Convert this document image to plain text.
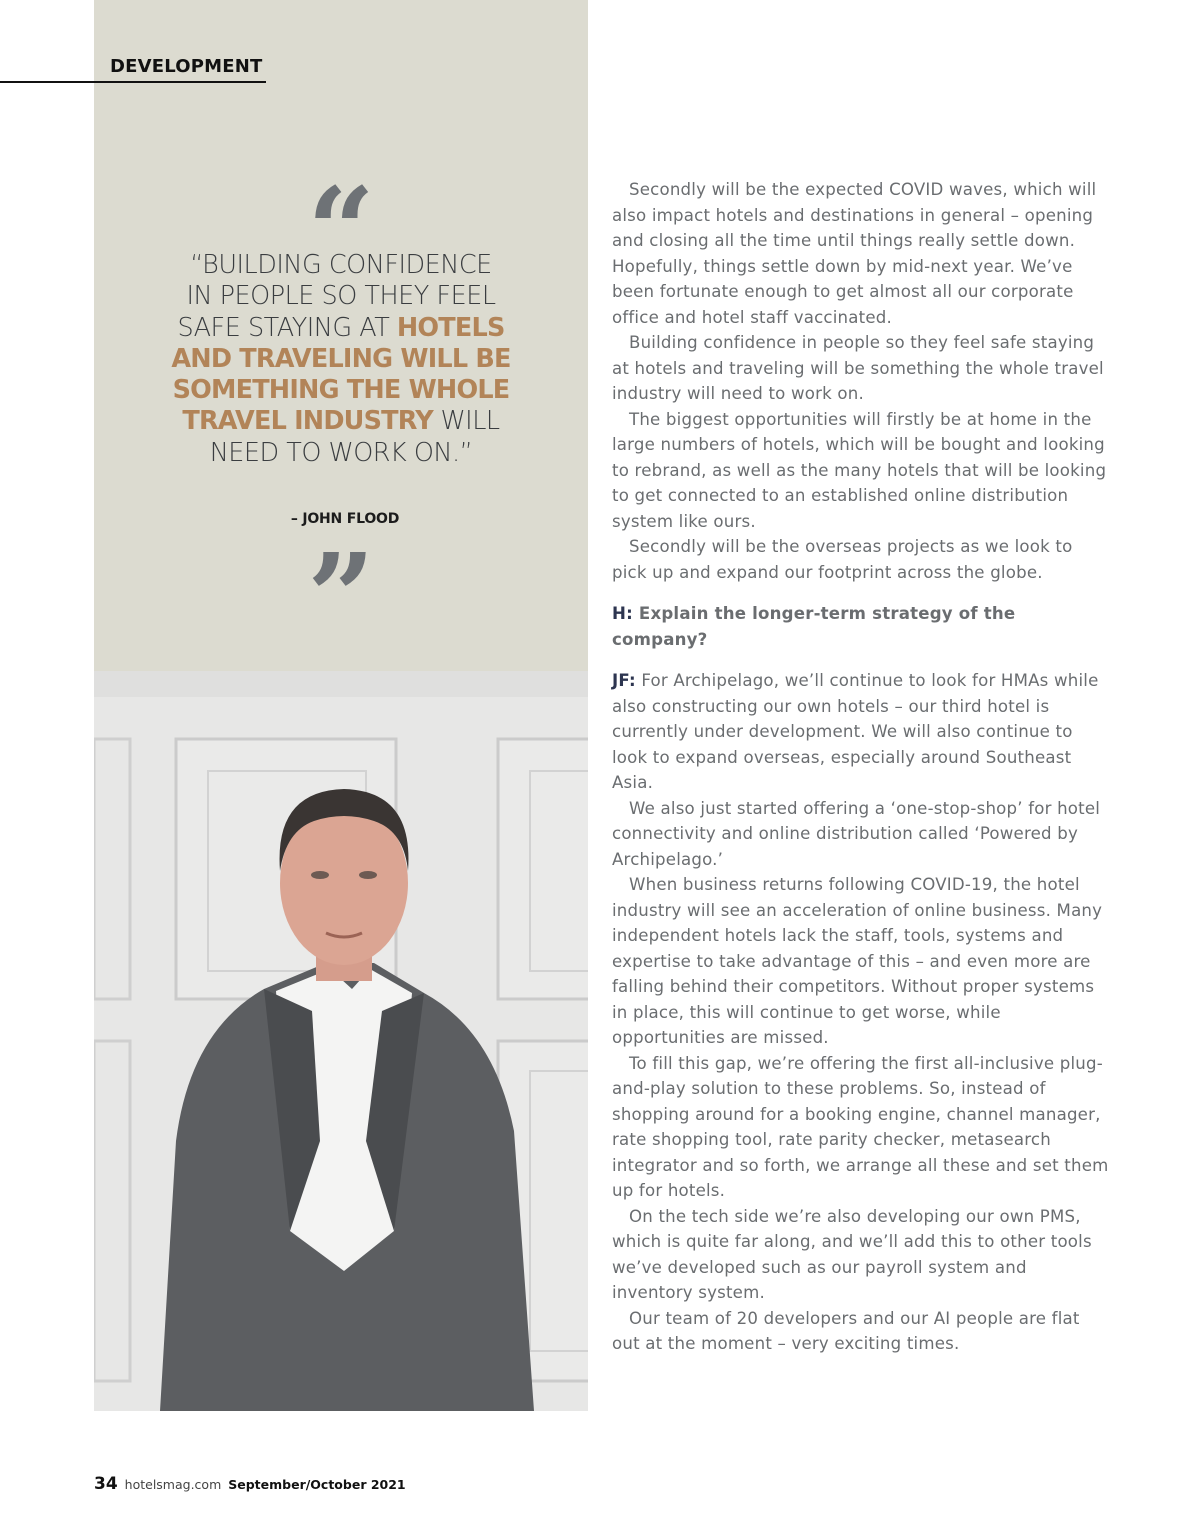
DEVELOPMENT
“
“BUILDING CONFIDENCE
IN PEOPLE SO THEY FEEL
SAFE STAYING AT HOTELS
AND TRAVELING WILL BE
SOMETHING THE WHOLE
TRAVEL INDUSTRY WILL
NEED TO WORK ON.”
– JOHN FLOOD
”

Secondly will be the expected COVID waves, which will also impact hotels and destinations in general – opening and closing all the time until things really settle down. Hopefully, things settle down by mid-next year. We’ve been fortunate enough to get almost all our corporate office and hotel staff vaccinated.

Building confidence in people so they feel safe staying at hotels and traveling will be something the whole travel industry will need to work on.

The biggest opportunities will firstly be at home in the large numbers of hotels, which will be bought and looking to rebrand, as well as the many hotels that will be looking to get connected to an established online distribution system like ours.

Secondly will be the overseas projects as we look to pick up and expand our footprint across the globe.

H: Explain the longer-term strategy of the company?

JF: For Archipelago, we’ll continue to look for HMAs while also constructing our own hotels – our third hotel is currently under development. We will also continue to look to expand overseas, especially around Southeast Asia.

We also just started offering a ‘one-stop-shop’ for hotel connectivity and online distribution called ‘Powered by Archipelago.’

When business returns following COVID-19, the hotel industry will see an acceleration of online business. Many independent hotels lack the staff, tools, systems and expertise to take advantage of this – and even more are falling behind their competitors. Without proper systems in place, this will continue to get worse, while opportunities are missed.

To fill this gap, we’re offering the first all-inclusive plug-and-play solution to these problems. So, instead of shopping around for a booking engine, channel manager, rate shopping tool, rate parity checker, metasearch integrator and so forth, we arrange all these and set them up for hotels.

On the tech side we’re also developing our own PMS, which is quite far along, and we’ll add this to other tools we’ve developed such as our payroll system and inventory system.

Our team of 20 developers and our AI people are flat out at the moment – very exciting times.

34 hotelsmag.com September/October 2021
